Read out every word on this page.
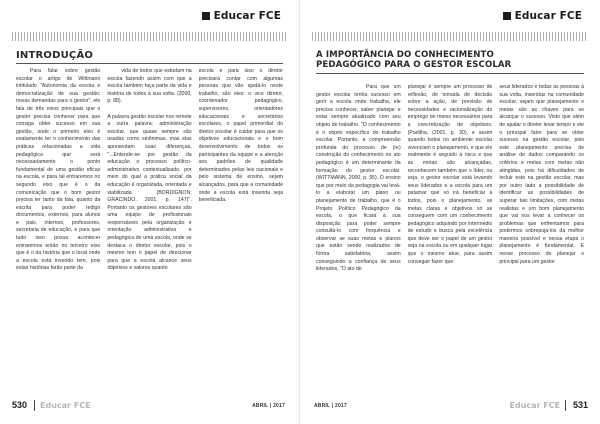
Educar FCE
INTRODUÇÃO

Para falar sobre gestão escolar o artigo de Wittmann intitulado "Autonomia da escola e democratização de sua gestão: novas demandas para o gestor", ele fala de três eixos principais que o gestor precisa conhecer para que consiga obter sucesso em sua gestão, onde o primeiro eixo é exatamente ter o conhecimento das práticas relacionadas a vida pedagógica que será necessariamente o ponto fundamental de uma gestão eficaz na escola, e para tal entraremos no segundo eixo que é o da comunicação que o bom gestor precisa ter tanto da fala, quanto da escrita para poder redigir documentos, externos, para alunos e pais, internos, professores, secretaria de educação, e para que tudo isso possa acontecer entraremos então no terceiro eixo que é o da história que o local onde a escola está inserido tem, pois estas histórias farão parte da

vida de todos que estudam na escola fazendo assim com que a escola também faça parte da vida e história de todos à sua volta. (2000, p. 88).

A palavra gestão escolar nos remete a outra palavra: administração escolar, que quase sempre são usadas como sinônimas, mas elas apresentam suas diferenças, "...Entende-se por gestão da educação o processo político-administrativo contextualizado, por meio do qual a prática social da educação é organizada, orientada e viabilizada. (BORDIGNON; GRACINDO, 2001, p. 147)". Portanto os gestores escolares são uma equipe de profissionais responsáveis pela organização e orientação administrativa e pedagógica de uma escola, onde se destaca o diretor escolar, pois o mesmo tem o papel de direcionar para que a escola alcance seus objetivos e valores quanto

escola e para isso o diretor precisará contar com algumas pessoas que vão ajudá-lo neste trabalho, são eles: o vice diretor, coordenador pedagógico, supervisores, orientadores educacionais e secretários escolares, o papel primordial do diretor escolar é cuidar para que os objetivos educacionais e o bom desenvolvimento de todos os participantes da equipe e a atenção aos padrões de qualidade determinados pelas leis nacionais e pelo sistema de ensino, sejam alcançados, para que a comunidade onde a escola está inserida seja beneficiada.

530 Educar FCE	ABRIL | 2017
Educar FCE
A IMPORTÂNCIA DO CONHECIMENTO PEDAGÓGICO PARA O GESTOR ESCOLAR

Para que um gestor escolar tenha sucesso em gerir a escola onde trabalha, ele precisa conhecer, saber planejar e estar sempre atualizado com seu objeto de trabalho. "O conhecimento é o objeto específico do trabalho escolar. Portanto, a compreensão profunda do processo de (re) construção do conhecimento no ato pedagógico é um determinante da formação do gestor escolar. (WITTMANN, 2000, p. 95). O ensino que por meio da pedagogia vai levá-lo a elaborar um plano ou planejamento de trabalho, que é o Projeto Político Pedagógico da escola, o que ficará à sua disposição para poder sempre consultá-lo com frequência e observar se suas metas e planos que estão sendo realizados de forma satisfatória, assim conseguindo a confiança de seus liderados, "O ato de

planejar é sempre um processo de reflexão, de tomada de decisão sobre a ação, de previsão de necessidades e racionalização do emprego de meios necessários para a concretização de objetivos. (Padilha, (2001, p. 30), e assim quando todos no ambiente escolar vivenciam o planejamento, e que ele realmente é seguido à risca e que as metas são alcançadas, reconhecem também que o líder, ou seja, o gestor escolar está levando seus liderados e a escola para um patamar que só irá beneficiar a todos, pois o planejamento, as metas claras e objetivos só se conseguem com um conhecimento pedagógico adquirido por intermédio de estudo e busca pela excelência que deve ser o papel de um gestor seja na escola ou em qualquer lugar que o mesmo atue, para assim conseguir fazer que

seus liderados e todas as pessoas à sua volta, inseridas na comunidade escolar, vejam que planejamento e metas são as chaves para se alcançar o sucesso. Visto que além de ajudar o diretor levar tempo e ele o principal fator para se obter sucesso na gestão escolar, pois este planejamento precisa de análise de dados comparando os critérios e metas com metas não atingidas, pois há dificuldades de incluir este na gestão escolar, mas por outro lado a possibilidade de identificar as possibilidades de superar tais limitações, com metas realistas e um bom planejamento que vai nos levar a conhecer os problemas que enfrentamos para podermos sobrepujá-los da melhor maneira possível e nessa etapa o planejamento é fundamental. E nesse processo de planejar o principal para um gestor

ABRIL | 2017	Educar FCE 531
